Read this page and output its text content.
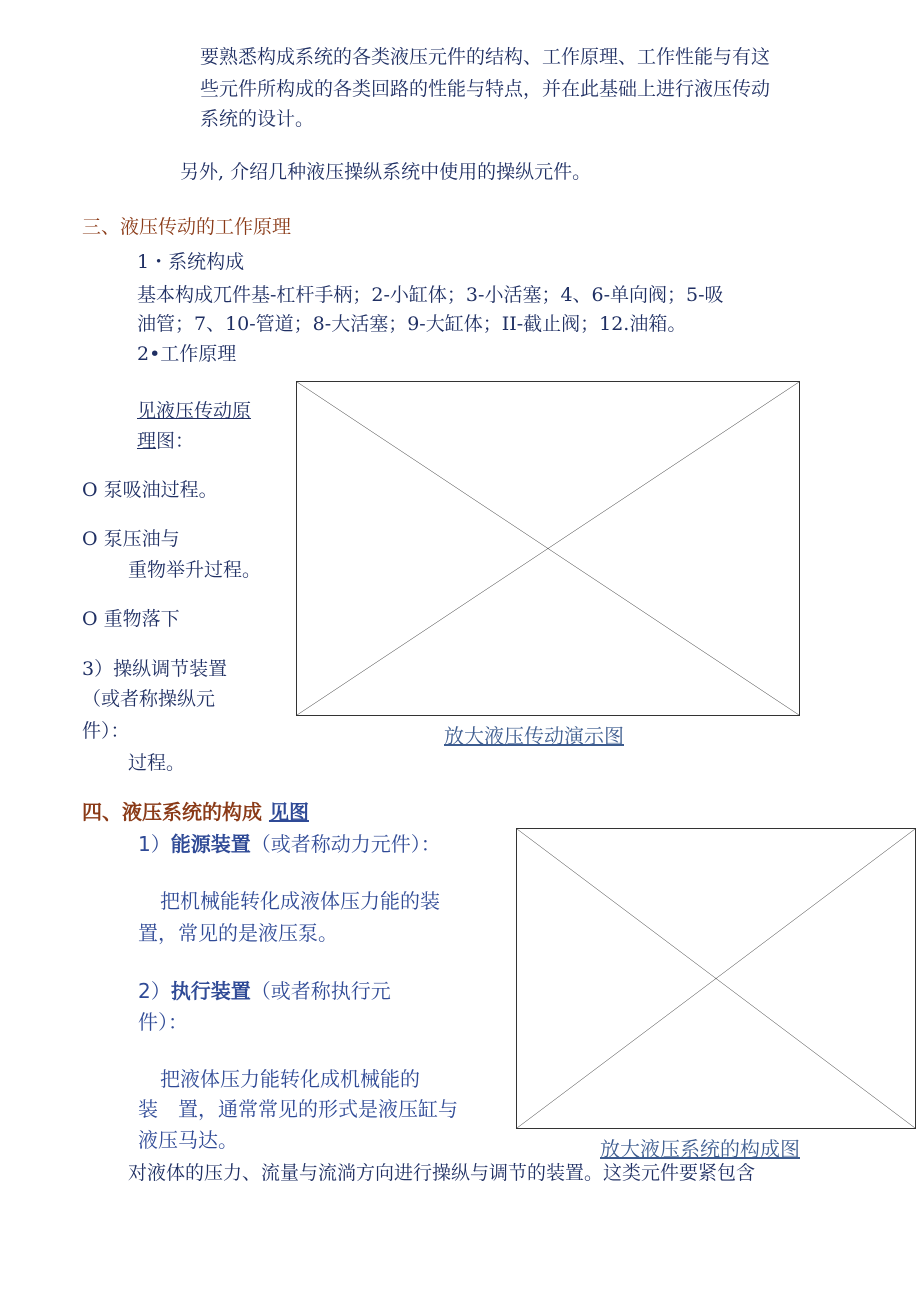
要熟悉构成系统的各类液压元件的结构、工作原理、工作性能与有这
些元件所构成的各类回路的性能与特点，并在此基础上进行液压传动
系统的设计。
另外, 介绍几种液压操纵系统中使用的操纵元件。
三、液压传动的工作原理
1・系统构成
基本构成兀件基-杠杆手柄；2-小缸体；3-小活塞；4、6-单向阀；5-吸
油管；7、10-管道；8-大活塞；9-大缸体；II-截止阀；12.油箱。
2•工作原理
见液压传动原
理图：
O 泵吸油过程。
O 泵压油与
重物举升过程。
O 重物落下
3）操纵调节装置
（或者称操纵元
件）：
过程。
放大液压传动演示图
四、液压系统的构成 见图
1）能源装置（或者称动力元件）：
把机械能转化成液体压力能的装
置，常见的是液压泵。
2）执行装置（或者称执行元
件）：
把液体压力能转化成机械能的
装　置，通常常见的形式是液压缸与
液压马达。	放大液压系统的构成图
对液体的压力、流量与流淌方向进行操纵与调节的装置。这类元件要紧包含
